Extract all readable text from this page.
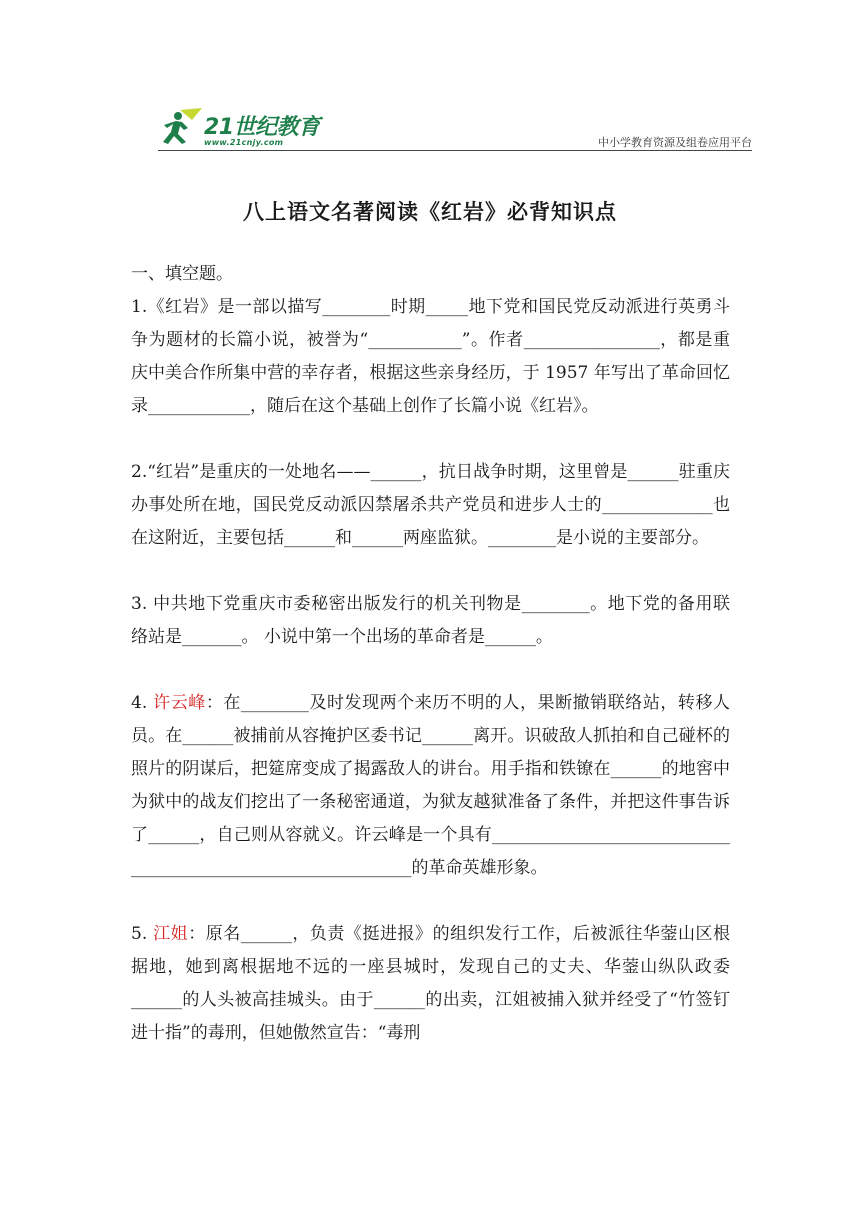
21世纪教育
www.21cnjy.com	中小学教育资源及组卷应用平台
八上语文名著阅读《红岩》必背知识点

一、填空题。

1.《红岩》是一部以描写________时期_____地下党和国民党反动派进行英勇斗争为题材的长篇小说，被誉为“___________”。作者________________，都是重庆中美合作所集中营的幸存者，根据这些亲身经历，于 1957 年写出了革命回忆录____________，随后在这个基础上创作了长篇小说《红岩》。

2.“红岩”是重庆的一处地名——______，抗日战争时期，这里曾是______驻重庆办事处所在地，国民党反动派囚禁屠杀共产党员和进步人士的_____________也在这附近，主要包括______和______两座监狱。________是小说的主要部分。

3. 中共地下党重庆市委秘密出版发行的机关刊物是________。地下党的备用联络站是_______。 小说中第一个出场的革命者是______。

4. 许云峰：在________及时发现两个来历不明的人，果断撤销联络站，转移人员。在______被捕前从容掩护区委书记______离开。识破敌人抓拍和自己碰杯的照片的阴谋后，把筵席变成了揭露敌人的讲台。用手指和铁镣在______的地窖中为狱中的战友们挖出了一条秘密通道，为狱友越狱准备了条件，并把这件事告诉了______，自己则从容就义。许云峰是一个具有_____________________________________________________________的革命英雄形象。

5. 江姐：原名______，负责《挺进报》的组织发行工作，后被派往华蓥山区根据地，她到离根据地不远的一座县城时，发现自己的丈夫、华蓥山纵队政委______的人头被高挂城头。由于______的出卖，江姐被捕入狱并经受了“竹签钉进十指”的毒刑，但她傲然宣告：“毒刑
